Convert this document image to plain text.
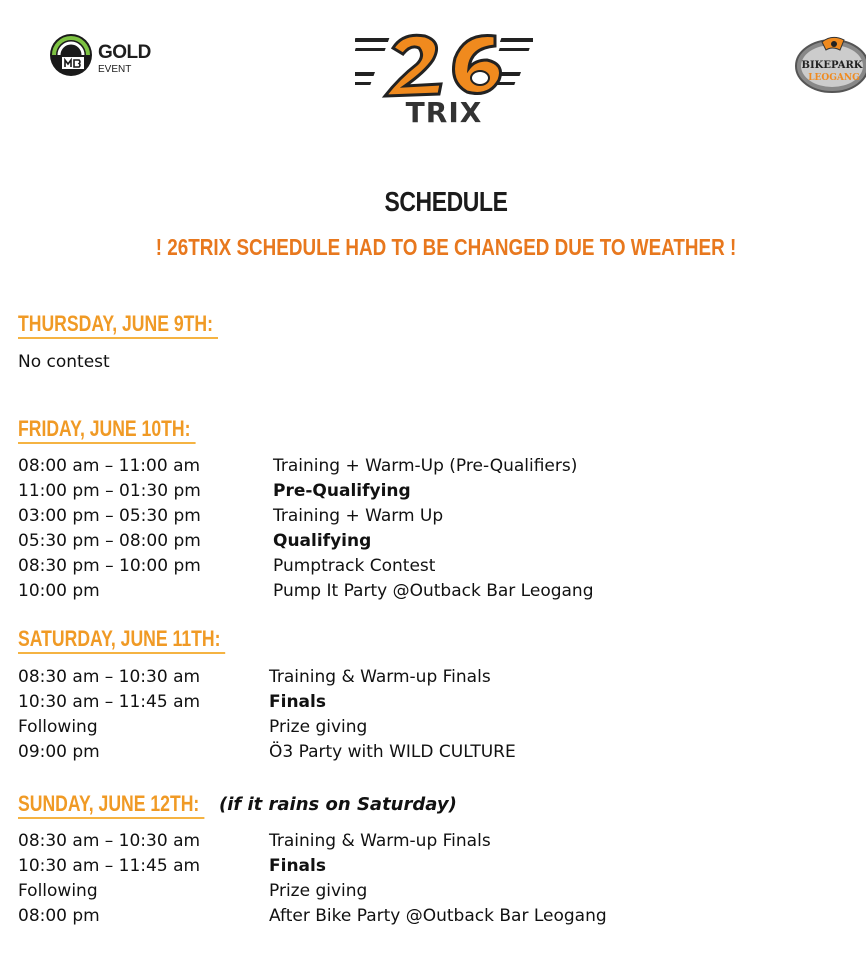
GOLD
EVENT
TRIX
BIKEPARK
LEOGANG
SCHEDULE
! 26TRIX SCHEDULE HAD TO BE CHANGED DUE TO WEATHER !
THURSDAY, JUNE 9TH:
No contest
FRIDAY, JUNE 10TH:
08:00 am – 11:00 am	Training + Warm-Up (Pre-Qualifiers)
11:00 pm – 01:30 pm	Pre-Qualifying
03:00 pm – 05:30 pm	Training + Warm Up
05:30 pm – 08:00 pm	Qualifying
08:30 pm – 10:00 pm	Pumptrack Contest
10:00 pm	Pump It Party @Outback Bar Leogang
SATURDAY, JUNE 11TH:
08:30 am – 10:30 am	Training & Warm-up Finals
10:30 am – 11:45 am	Finals
Following	Prize giving
09:00 pm	Ö3 Party with WILD CULTURE
SUNDAY, JUNE 12TH: (if it rains on Saturday)
08:30 am – 10:30 am	Training & Warm-up Finals
10:30 am – 11:45 am	Finals
Following	Prize giving
08:00 pm	After Bike Party @Outback Bar Leogang
